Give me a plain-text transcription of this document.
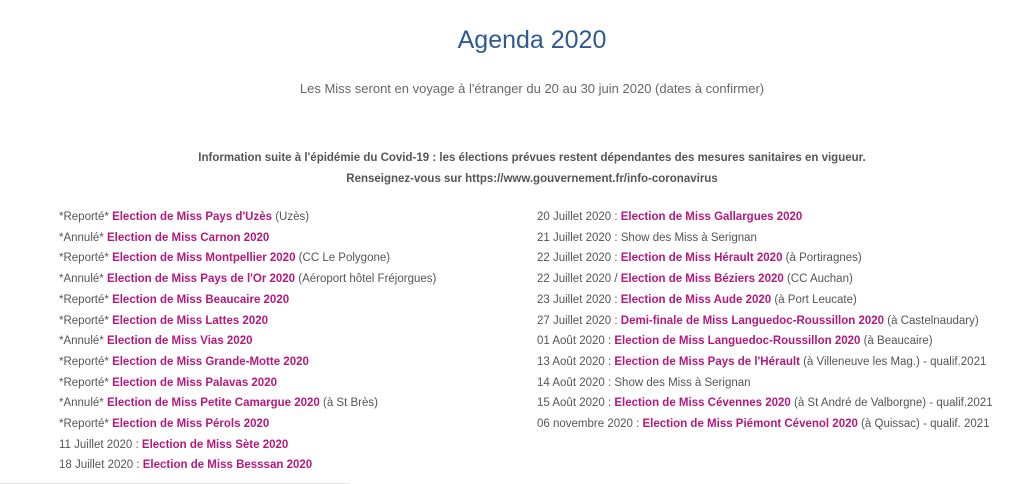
Agenda 2020
Les Miss seront en voyage à l'étranger du 20 au 30 juin 2020 (dates à confirmer)
Information suite à l'épidémie du Covid-19 : les élections prévues restent dépendantes des mesures sanitaires en vigueur.
Renseignez-vous sur https://www.gouvernement.fr/info-coronavirus
*Reporté* Election de Miss Pays d'Uzès (Uzès)
*Annulé* Election de Miss Carnon 2020
*Reporté* Election de Miss Montpellier 2020 (CC Le Polygone)
*Annulé* Election de Miss Pays de l'Or 2020 (Aéroport hôtel Fréjorgues)
*Reporté* Election de Miss Beaucaire 2020
*Reporté* Election de Miss Lattes 2020
*Annulé* Election de Miss Vias 2020
*Reporté* Election de Miss Grande-Motte 2020
*Reporté* Election de Miss Palavas 2020
*Annulé* Election de Miss Petite Camargue 2020 (à St Brès)
*Reporté* Election de Miss Pérols 2020
11 Juillet 2020 : Election de Miss Sète 2020
18 Juillet 2020 : Election de Miss Besssan 2020
20 Juillet 2020 : Election de Miss Gallargues 2020
21 Juillet 2020 : Show des Miss à Serignan
22 Juillet 2020 : Election de Miss Hérault 2020 (à Portiragnes)
22 Juillet 2020 / Election de Miss Béziers 2020 (CC Auchan)
23 Juillet 2020 : Election de Miss Aude 2020 (à Port Leucate)
27 Juillet 2020 : Demi-finale de Miss Languedoc-Roussillon 2020 (à Castelnaudary)
01 Août 2020 : Election de Miss Languedoc-Roussillon 2020 (à Beaucaire)
13 Août 2020 : Election de Miss Pays de l'Hérault (à Villeneuve les Mag.) - qualif.2021
14 Août 2020 : Show des Miss à Serignan
15 Août 2020 : Election de Miss Cévennes 2020 (à St André de Valborgne) - qualif.2021
06 novembre 2020 : Election de Miss Piémont Cévenol 2020 (à Quissac) - qualif. 2021
